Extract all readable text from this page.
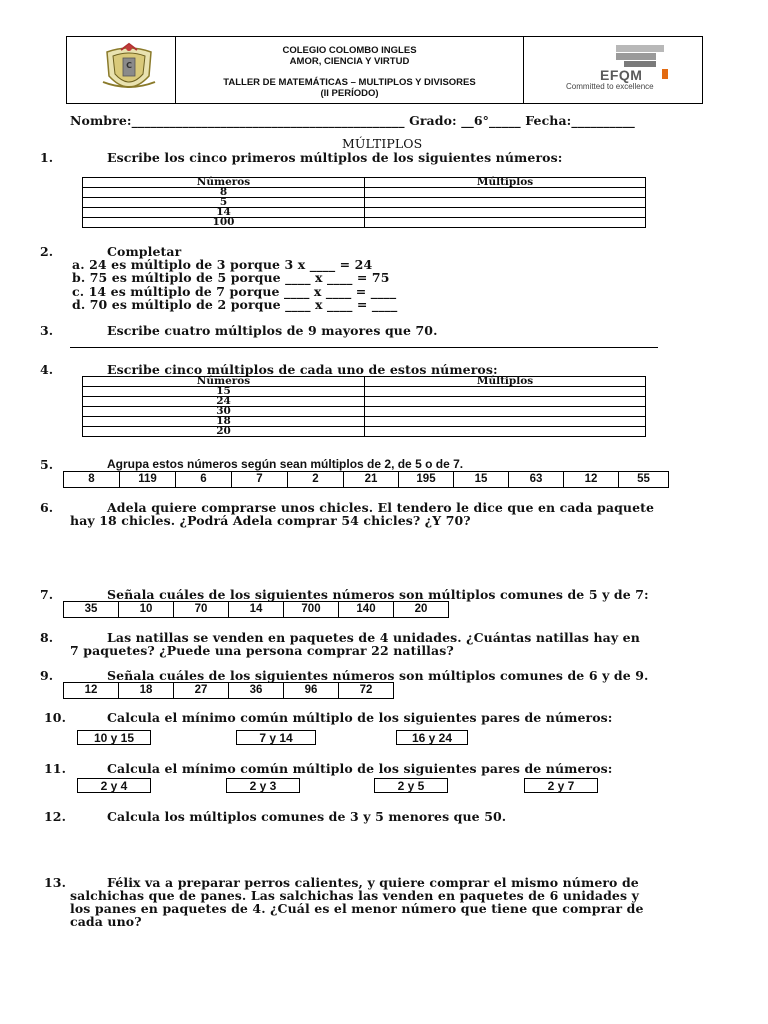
C
COLEGIO COLOMBO INGLES
AMOR, CIENCIA Y VIRTUD
TALLER DE MATEMÁTICAS – MULTIPLOS Y DIVISORES
(II PERÍODO)
EFQM
Committed to excellence
Nombre:___________________________________________ Grado: __6°_____ Fecha:__________
MÚLTIPLOS
1.	Escribe los cinco primeros múltiplos de los siguientes números:
Números	Múltiplos
8	
5	
14	
100	
2.	Completar
a. 24 es múltiplo de 3 porque 3 x ____ = 24
b. 75 es múltiplo de 5 porque ____ x ____ = 75
c. 14 es múltiplo de 7 porque ____ x ____ = ____
d. 70 es múltiplo de 2 porque ____ x ____ = ____
3.	Escribe cuatro múltiplos de 9 mayores que 70.
4.	Escribe cinco múltiplos de cada uno de estos números:
Números	Múltiplos
15	
24	
30	
18	
20	
5.	Agrupa estos números según sean múltiplos de 2, de 5 o de 7.
8	119	6	7	2	21	195	15	63	12	55
6.	Adela quiere comprarse unos chicles. El tendero le dice que en cada paquete
hay 18 chicles. ¿Podrá Adela comprar 54 chicles? ¿Y 70?
7.	Señala cuáles de los siguientes números son múltiplos comunes de 5 y de 7:
35	10	70	14	700	140	20
8.	Las natillas se venden en paquetes de 4 unidades. ¿Cuántas natillas hay en
7 paquetes? ¿Puede una persona comprar 22 natillas?
9.	Señala cuáles de los siguientes números son múltiplos comunes de 6 y de 9.
12	18	27	36	96	72
10.	Calcula el mínimo común múltiplo de los siguientes pares de números:
10 y 15	7 y 14	16 y 24
11.	Calcula el mínimo común múltiplo de los siguientes pares de números:
2 y 4	2 y 3	2 y 5	2 y 7
12.	Calcula los múltiplos comunes de 3 y 5 menores que 50.
13.	Félix va a preparar perros calientes, y quiere comprar el mismo número de
salchichas que de panes. Las salchichas las venden en paquetes de 6 unidades y
los panes en paquetes de 4. ¿Cuál es el menor número que tiene que comprar de
cada uno?
